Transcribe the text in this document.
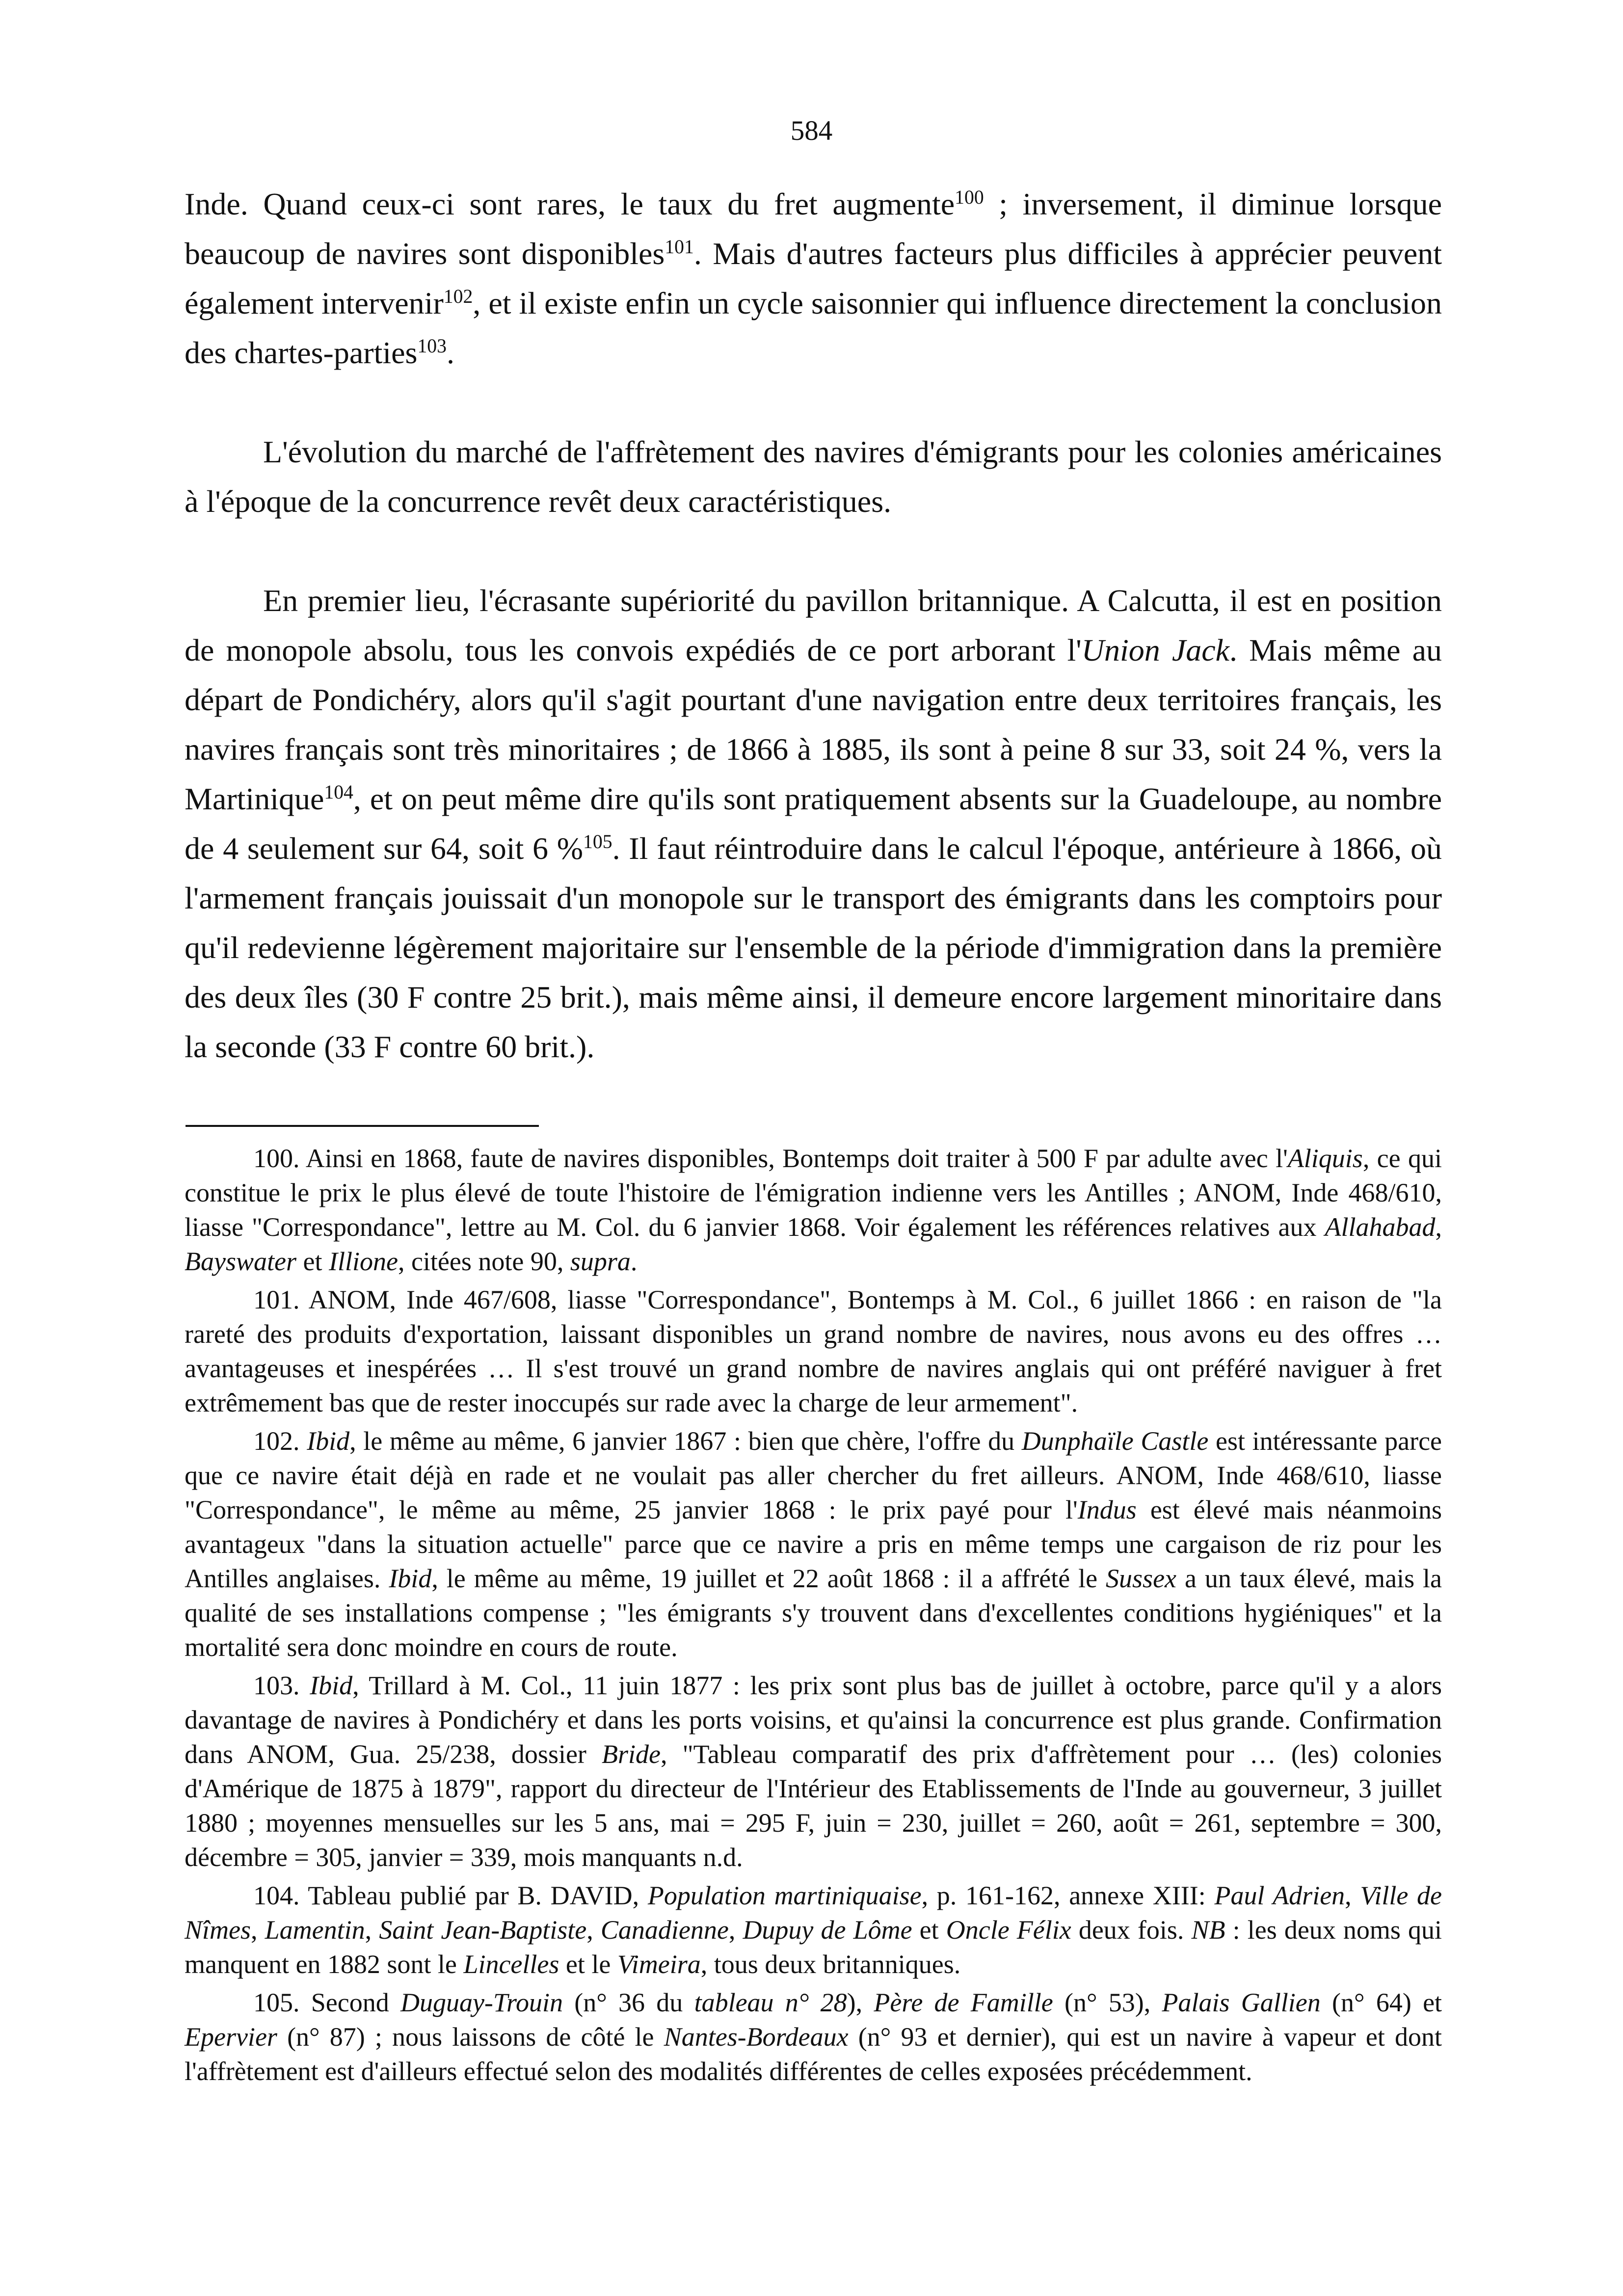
584

Inde. Quand ceux-ci sont rares, le taux du fret augmente$^{100}$ ; inversement, il diminue lorsque beaucoup de navires sont disponibles$^{101}$. Mais d'autres facteurs plus difficiles à apprécier peuvent également intervenir$^{102}$, et il existe enfin un cycle saisonnier qui influence directement la conclusion des chartes-parties$^{103}$.

L'évolution du marché de l'affrètement des navires d'émigrants pour les colonies américaines à l'époque de la concurrence revêt deux caractéristiques.

En premier lieu, l'écrasante supériorité du pavillon britannique. A Calcutta, il est en position de monopole absolu, tous les convois expédiés de ce port arborant l'Union Jack. Mais même au départ de Pondichéry, alors qu'il s'agit pourtant d'une navigation entre deux territoires français, les navires français sont très minoritaires ; de 1866 à 1885, ils sont à peine 8 sur 33, soit 24 %, vers la Martinique$^{104}$, et on peut même dire qu'ils sont pratiquement absents sur la Guadeloupe, au nombre de 4 seulement sur 64, soit 6 %$^{105}$. Il faut réintroduire dans le calcul l'époque, antérieure à 1866, où l'armement français jouissait d'un monopole sur le transport des émigrants dans les comptoirs pour qu'il redevienne légèrement majoritaire sur l'ensemble de la période d'immigration dans la première des deux îles (30 F contre 25 brit.), mais même ainsi, il demeure encore largement minoritaire dans la seconde (33 F contre 60 brit.).

100. Ainsi en 1868, faute de navires disponibles, Bontemps doit traiter à 500 F par adulte avec l'Aliquis, ce qui constitue le prix le plus élevé de toute l'histoire de l'émigration indienne vers les Antilles ; ANOM, Inde 468/610, liasse "Correspondance", lettre au M. Col. du 6 janvier 1868. Voir également les références relatives aux Allahabad, Bayswater et Illione, citées note 90, supra.

101. ANOM, Inde 467/608, liasse "Correspondance", Bontemps à M. Col., 6 juillet 1866 : en raison de "la rareté des produits d'exportation, laissant disponibles un grand nombre de navires, nous avons eu des offres … avantageuses et inespérées … Il s'est trouvé un grand nombre de navires anglais qui ont préféré naviguer à fret extrêmement bas que de rester inoccupés sur rade avec la charge de leur armement".

102. Ibid, le même au même, 6 janvier 1867 : bien que chère, l'offre du Dunphaïle Castle est intéressante parce que ce navire était déjà en rade et ne voulait pas aller chercher du fret ailleurs. ANOM, Inde 468/610, liasse "Correspondance", le même au même, 25 janvier 1868 : le prix payé pour l'Indus est élevé mais néanmoins avantageux "dans la situation actuelle" parce que ce navire a pris en même temps une cargaison de riz pour les Antilles anglaises. Ibid, le même au même, 19 juillet et 22 août 1868 : il a affrété le Sussex a un taux élevé, mais la qualité de ses installations compense ; "les émigrants s'y trouvent dans d'excellentes conditions hygiéniques" et la mortalité sera donc moindre en cours de route.

103. Ibid, Trillard à M. Col., 11 juin 1877 : les prix sont plus bas de juillet à octobre, parce qu'il y a alors davantage de navires à Pondichéry et dans les ports voisins, et qu'ainsi la concurrence est plus grande. Confirmation dans ANOM, Gua. 25/238, dossier Bride, "Tableau comparatif des prix d'affrètement pour … (les) colonies d'Amérique de 1875 à 1879", rapport du directeur de l'Intérieur des Etablissements de l'Inde au gouverneur, 3 juillet 1880 ; moyennes mensuelles sur les 5 ans, mai = 295 F, juin = 230, juillet = 260, août = 261, septembre = 300, décembre = 305, janvier = 339, mois manquants n.d.

104. Tableau publié par B. DAVID, Population martiniquaise, p. 161-162, annexe XIII: Paul Adrien, Ville de Nîmes, Lamentin, Saint Jean-Baptiste, Canadienne, Dupuy de Lôme et Oncle Félix deux fois. NB : les deux noms qui manquent en 1882 sont le Lincelles et le Vimeira, tous deux britanniques.

105. Second Duguay-Trouin (n° 36 du tableau n° 28), Père de Famille (n° 53), Palais Gallien (n° 64) et Epervier (n° 87) ; nous laissons de côté le Nantes-Bordeaux (n° 93 et dernier), qui est un navire à vapeur et dont l'affrètement est d'ailleurs effectué selon des modalités différentes de celles exposées précédemment.
